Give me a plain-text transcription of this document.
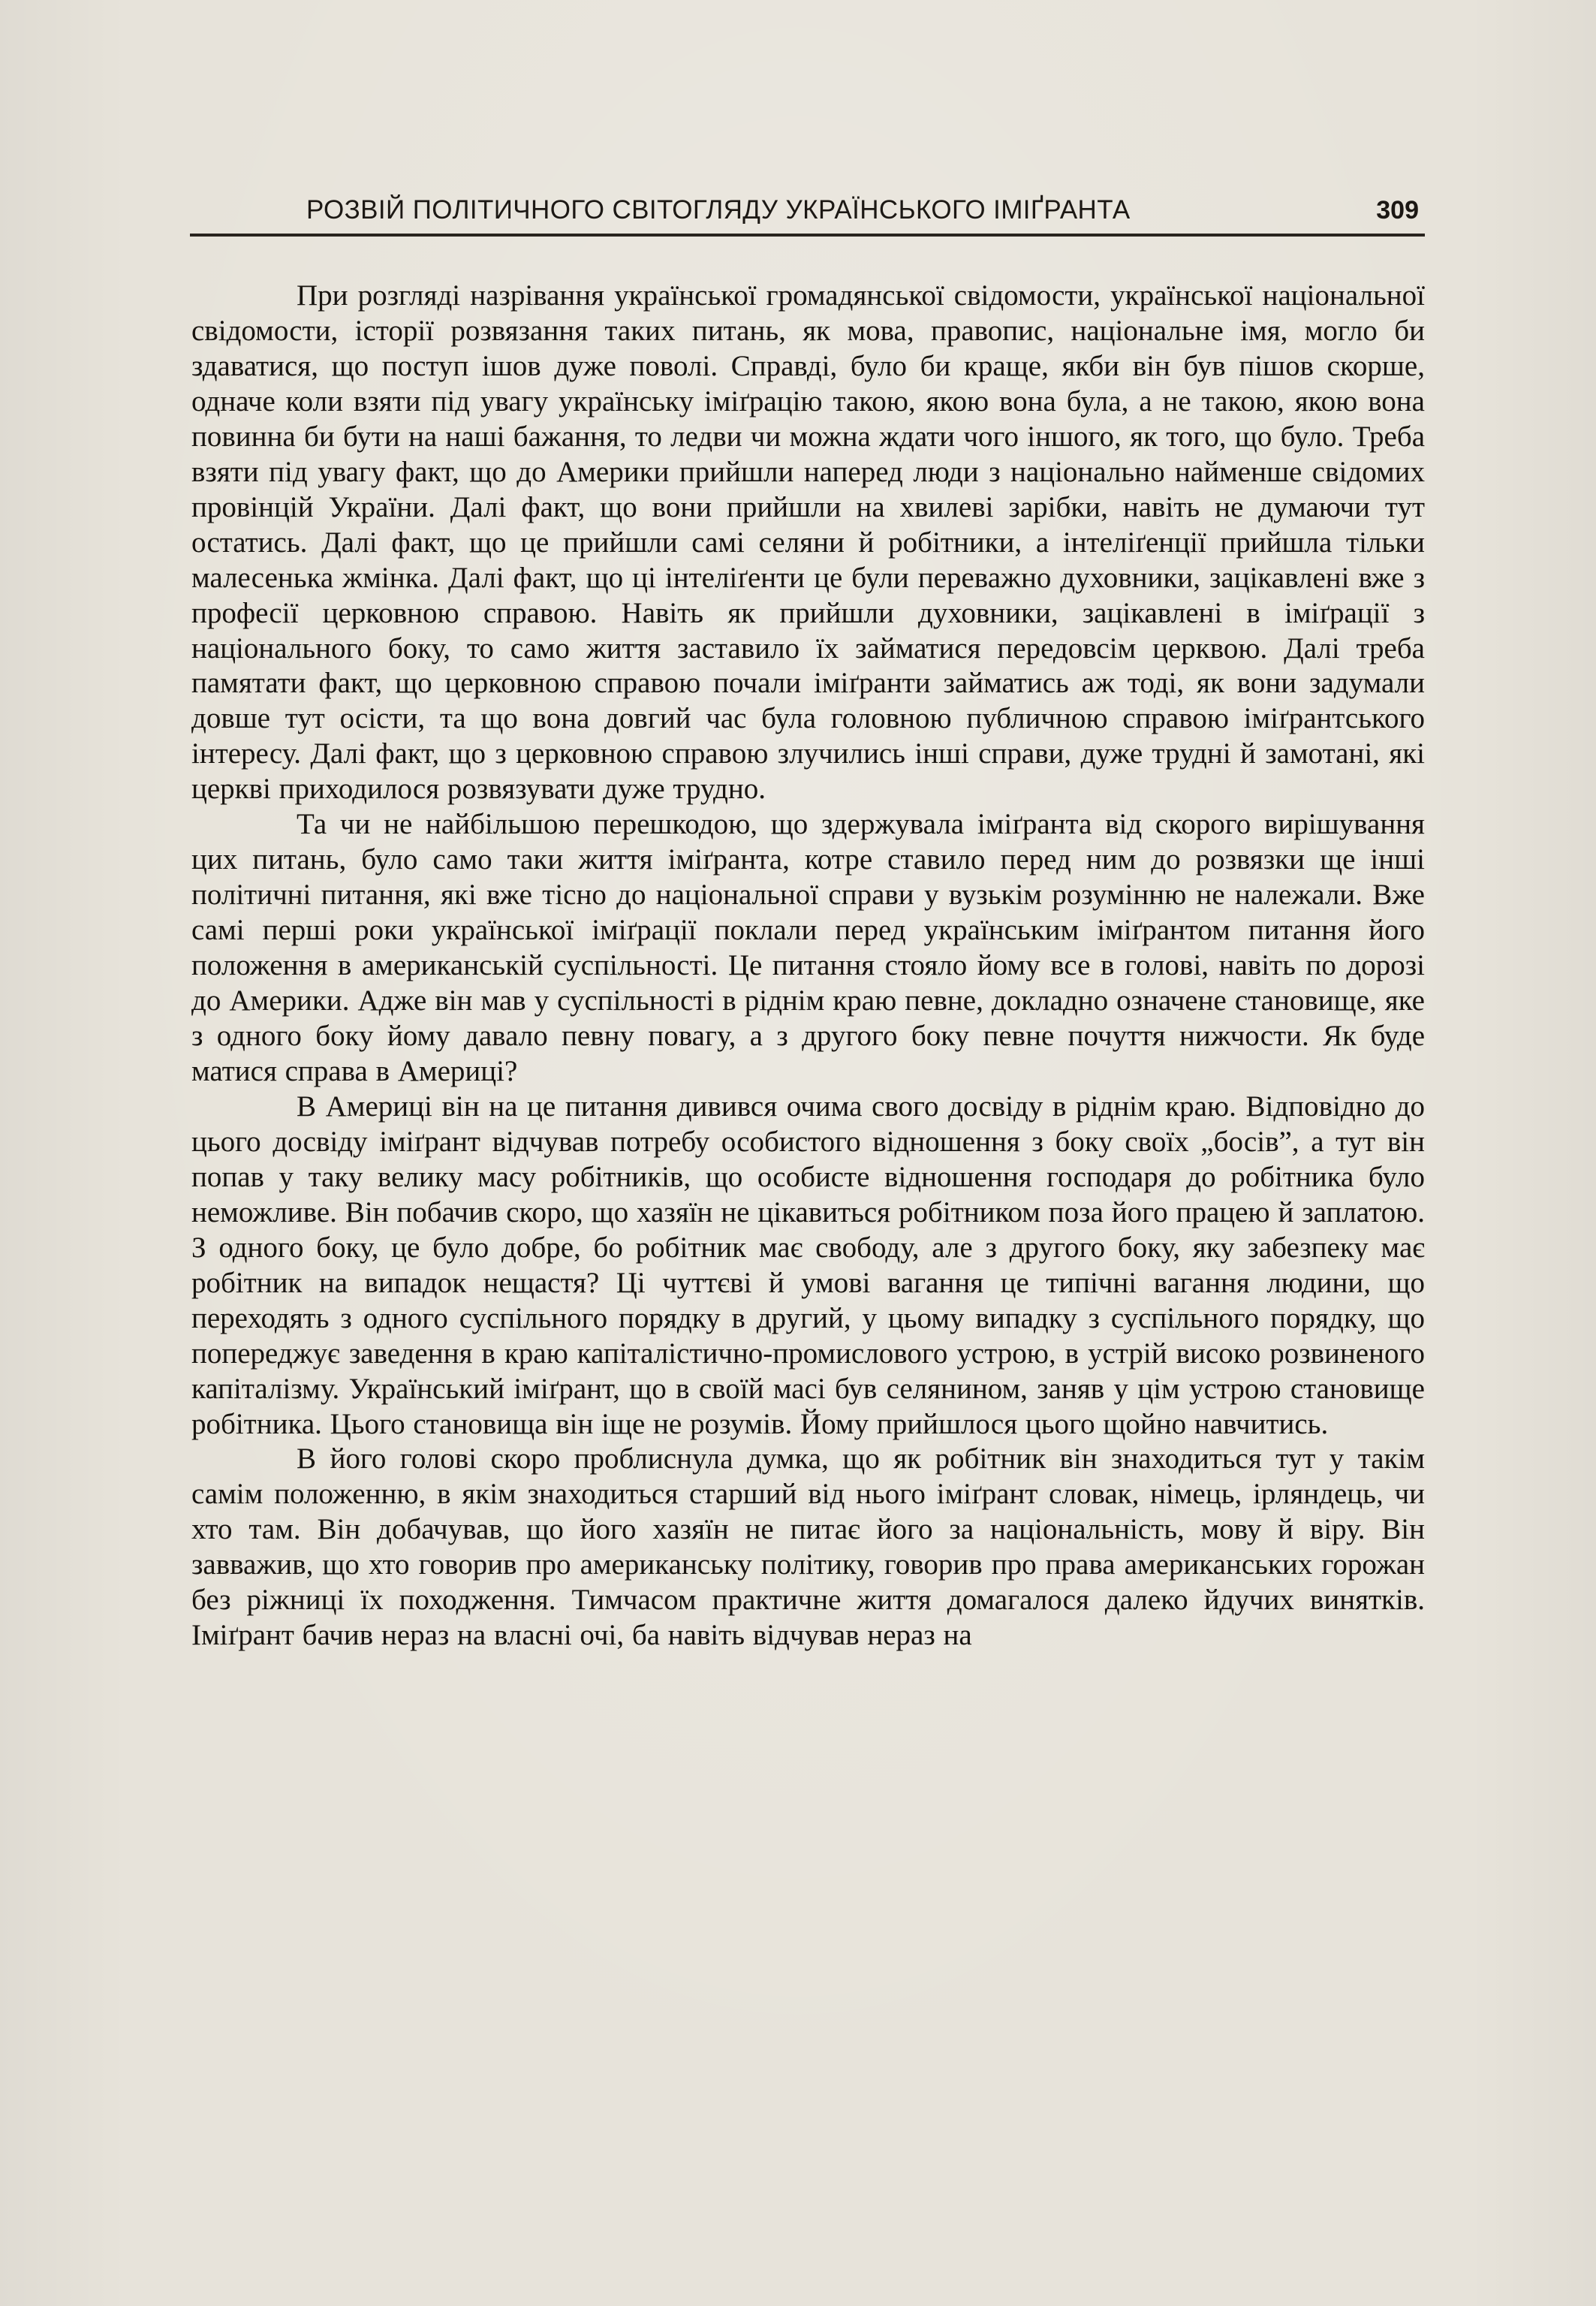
РОЗВІЙ ПОЛІТИЧНОГО СВІТОГЛЯДУ УКРАЇНСЬКОГО ІМІҐРАНТА	309

При розгляді назрівання української громадянської свідомости, української національної свідомости, історії розвязання таких питань, як мова, правопис, національне імя, могло би здаватися, що поступ ішов дуже поволі. Справді, було би краще, якби він був пішов скорше, одначе коли взяти під увагу українську іміґрацію такою, якою вона була, а не такою, якою вона повинна би бути на наші бажання, то ледви чи можна ждати чого іншого, як того, що було. Треба взяти під увагу факт, що до Америки прийшли наперед люди з національно найменше свідомих провінцій України. Далі факт, що вони прийшли на хвилеві зарібки, навіть не думаючи тут остатись. Далі факт, що це прийшли самі селяни й робітники, а інтеліґенції прийшла тільки малесенька жмінка. Далі факт, що ці інтеліґенти це були переважно духовники, зацікавлені вже з професії церковною справою. Навіть як прийшли духовники, зацікавлені в іміґрації з національного боку, то само життя заставило їх займатися передовсім церквою. Далі треба памятати факт, що церковною справою почали іміґранти займатись аж тоді, як вони задумали довше тут осісти, та що вона довгий час була головною публичною справою іміґрантського інтересу. Далі факт, що з церковною справою злучились інші справи, дуже трудні й замотані, які церкві приходилося розвязувати дуже трудно.

Та чи не найбільшою перешкодою, що здержувала іміґранта від скорого вирішування цих питань, було само таки життя іміґранта, котре ставило перед ним до розвязки ще інші політичні питання, які вже тісно до національної справи у вузькім розумінню не належали. Вже самі перші роки української іміґрації поклали перед українським іміґрантом питання його положення в американській суспільності. Це питання стояло йому все в голові, навіть по дорозі до Америки. Адже він мав у суспільності в ріднім краю певне, докладно означене становище, яке з одного боку йому давало певну повагу, а з другого боку певне почуття нижчости. Як буде матися справа в Америці?

В Америці він на це питання дивився очима свого досвіду в ріднім краю. Відповідно до цього досвіду іміґрант відчував потребу особистого відношення з боку своїх „босів”, а тут він попав у таку велику масу робітників, що особисте відношення господаря до робітника було неможливе. Він побачив скоро, що хазяїн не цікавиться робітником поза його працею й заплатою. З одного боку, це було добре, бо робітник має свободу, але з другого боку, яку забезпеку має робітник на випадок нещастя? Ці чуттєві й умові вагання це типічні вагання людини, що переходять з одного суспільного порядку в другий, у цьому випадку з суспільного порядку, що попереджує заведення в краю капіталістично-промислового устрою, в устрій високо розвиненого капіталізму. Український іміґрант, що в своїй масі був селянином, заняв у цім устрою становище робітника. Цього становища він іще не розумів. Йому прийшлося цього щойно навчитись.

В його голові скоро проблиснула думка, що як робітник він знаходиться тут у такім самім положенню, в якім знаходиться старший від нього іміґрант словак, німець, ірляндець, чи хто там. Він добачував, що його хазяїн не питає його за національність, мову й віру. Він завважив, що хто говорив про американську політику, говорив про права американських горожан без ріжниці їх походження. Тимчасом практичне життя домагалося далеко йдучих винятків. Іміґрант бачив нераз на власні очі, ба навіть відчував нераз на
